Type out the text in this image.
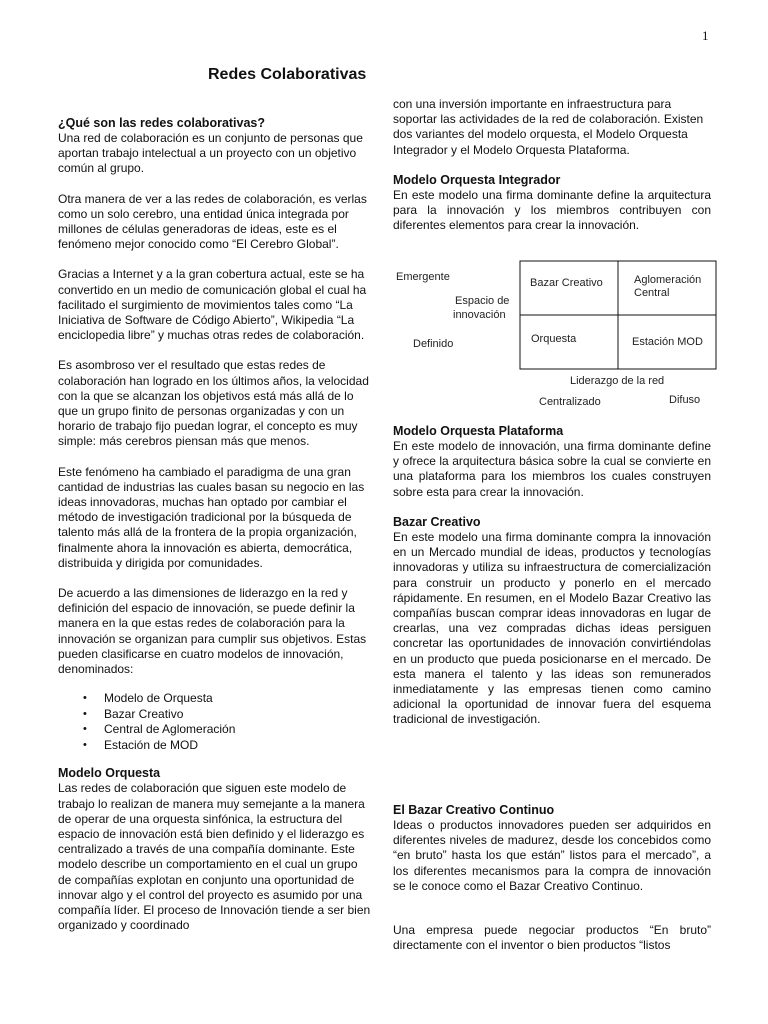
1
Redes Colaborativas
¿Qué son las redes colaborativas?

Una red de colaboración es un conjunto de personas que aportan trabajo intelectual a un proyecto con un objetivo común al grupo.

Otra manera de ver a las redes de colaboración, es verlas como un solo cerebro, una entidad única integrada por millones de células generadoras de ideas, este es el fenómeno mejor conocido como “El Cerebro Global”.

Gracias a Internet y a la gran cobertura actual, este se ha convertido en un medio de comunicación global el cual ha facilitado el surgimiento de movimientos tales como “La Iniciativa de Software de Código Abierto”, Wikipedia “La enciclopedia libre” y muchas otras redes de colaboración.

Es asombroso ver el resultado que estas redes de colaboración han logrado en los últimos años, la velocidad con la que se alcanzan los objetivos está más allá de lo que un grupo finito de personas organizadas y con un horario de trabajo fijo puedan lograr, el concepto es muy simple: más cerebros piensan más que menos.

Este fenómeno ha cambiado el paradigma de una gran cantidad de industrias las cuales basan su negocio en las ideas innovadoras, muchas han optado por cambiar el método de investigación tradicional por la búsqueda de talento más allá de la frontera de la propia organización, finalmente ahora la innovación es abierta, democrática, distribuida y dirigida por comunidades.

De acuerdo a las dimensiones de liderazgo en la red y definición del espacio de innovación, se puede definir la manera en la que estas redes de colaboración para la innovación se organizan para cumplir sus objetivos. Estas pueden clasificarse en cuatro modelos de innovación, denominados:

• Modelo de Orquesta
• Bazar Creativo
• Central de Aglomeración
• Estación de MOD
Modelo Orquesta

Las redes de colaboración que siguen este modelo de trabajo lo realizan de manera muy semejante a la manera de operar de una orquesta sinfónica, la estructura del espacio de innovación está bien definido y el liderazgo es centralizado a través de una compañía dominante. Este modelo describe un comportamiento en el cual un grupo de compañías explotan en conjunto una oportunidad de innovar algo y el control del proyecto es asumido por una compañía líder. El proceso de Innovación tiende a ser bien organizado y coordinado

con una inversión importante en infraestructura para soportar las actividades de la red de colaboración. Existen dos variantes del modelo orquesta, el Modelo Orquesta Integrador y el Modelo Orquesta Plataforma.

Modelo Orquesta Integrador

En este modelo una firma dominante define la arquitectura para la innovación y los miembros contribuyen con diferentes elementos para crear la innovación.

Emergente
Espacio de
innovación
Definido
Bazar Creativo	Aglomeración
Central
Orquesta	Estación MOD
Liderazgo de la red
Centralizado	Difuso
Modelo Orquesta Plataforma

En este modelo de innovación, una firma dominante define y ofrece la arquitectura básica sobre la cual se convierte en una plataforma para los miembros los cuales construyen sobre esta para crear la innovación.

Bazar Creativo

En este modelo una firma dominante compra la innovación en un Mercado mundial de ideas, productos y tecnologías innovadoras y utiliza su infraestructura de comercialización para construir un producto y ponerlo en el mercado rápidamente. En resumen, en el Modelo Bazar Creativo las compañías buscan comprar ideas innovadoras en lugar de crearlas, una vez compradas dichas ideas persiguen concretar las oportunidades de innovación convirtiéndolas en un producto que pueda posicionarse en el mercado. De esta manera el talento y las ideas son remunerados inmediatamente y las empresas tienen como camino adicional la oportunidad de innovar fuera del esquema tradicional de investigación.

El Bazar Creativo Continuo

Ideas o productos innovadores pueden ser adquiridos en diferentes niveles de madurez, desde los concebidos como “en bruto” hasta los que están” listos para el mercado”, a los diferentes mecanismos para la compra de innovación se le conoce como el Bazar Creativo Continuo.

Una empresa puede negociar productos “En bruto” directamente con el inventor o bien productos “listos
